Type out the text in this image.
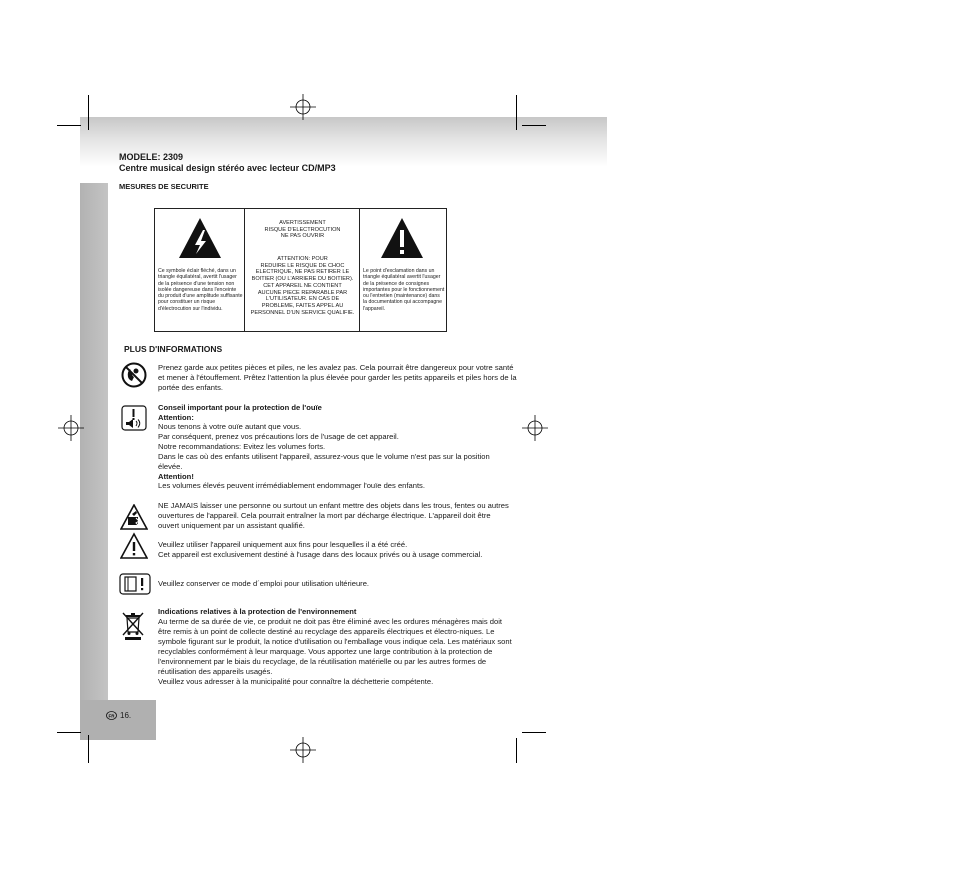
MODELE: 2309
Centre musical design stéréo avec lecteur CD/MP3
MESURES DE SECURITE
Ce symbole éclair fléché, dans un triangle équilatéral, avertit l'usager de la présence d'une tension non isolée dangereuse dans l'enceinte du produit d'une amplitude suffisante pour constituer un risque d'électrocution sur l'individu.
AVERTISSEMENT
RISQUE D'ELECTROCUTION
NE PAS OUVRIR
ATTENTION: POUR
REDUIRE LE RISQUE DE CHOC
ELECTRIQUE, NE PAS RETIRER LE
BOITIER (OU L'ARRIERE DU BOITIER).
CET APPAREIL NE CONTIENT
AUCUNE PIECE REPARABLE PAR
L'UTILISATEUR. EN CAS DE
PROBLEME, FAITES APPEL AU
PERSONNEL D'UN SERVICE QUALIFIE.
Le point d'exclamation dans un triangle équilatéral avertit l'usager de la présence de consignes importantes pour le fonctionnement ou l'entretien (maintenance) dans la documentation qui accompagne l'appareil.
PLUS D'INFORMATIONS
Prenez garde aux petites pièces et piles, ne les avalez pas. Cela pourrait être dangereux pour votre santé et mener à l'étouffement. Prêtez l'attention la plus élevée pour garder les petits appareils et piles hors de la portée des enfants.
Conseil important pour la protection de l'ouïe
Attention:
Nous tenons à votre ouïe autant que vous.
Par conséquent, prenez vos précautions lors de l'usage de cet appareil.
Notre recommandations: Evitez les volumes forts.
Dans le cas où des enfants utilisent l'appareil, assurez-vous que le volume n'est pas sur la position élevée.
Attention!
Les volumes élevés peuvent irrémédiablement endommager l'ouïe des enfants.
NE JAMAIS laisser une personne ou surtout un enfant mettre des objets dans les trous, fentes ou autres ouvertures de l'appareil. Cela pourrait entraîner la mort par décharge électrique. L'appareil doit être ouvert uniquement par un assistant qualifié.
Veuillez utiliser l'appareil uniquement aux fins pour lesquelles il a été créé.
Cet appareil est exclusivement destiné à l'usage dans des locaux privés ou à usage commercial.
Veuillez conserver ce mode d´emploi pour utilisation ultérieure.
Indications relatives à la protection de l'environnement
Au terme de sa durée de vie, ce produit ne doit pas être éliminé avec les ordures ménagères mais doit être remis à un point de collecte destiné au recyclage des appareils électriques et électro-niques. Le symbole figurant sur le produit, la notice d'utilisation ou l'emballage vous indique cela. Les matériaux sont recyclables conformément à leur marquage. Vous apportez une large contribution à la protection de l'environnement par le biais du recyclage, de la réutilisation matérielle ou par les autres formes de réutilisation des appareils usagés.
Veuillez vous adresser à la municipalité pour connaître la déchetterie compétente.
FR 16.
